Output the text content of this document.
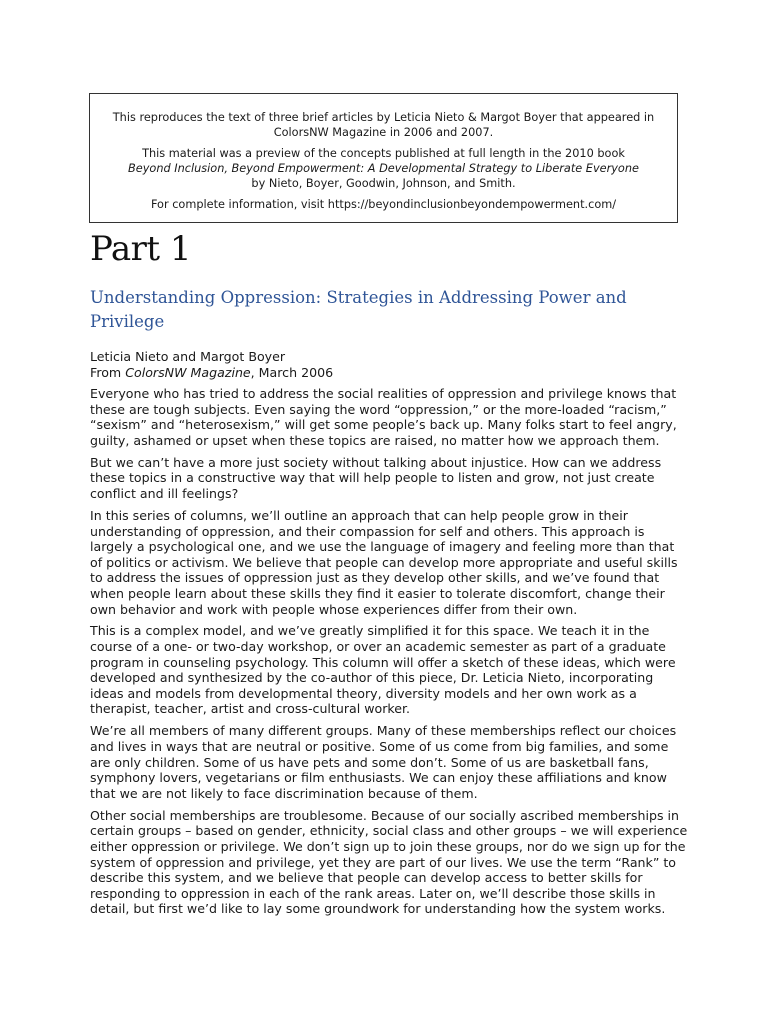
This reproduces the text of three brief articles by Leticia Nieto & Margot Boyer that appeared in
ColorsNW Magazine in 2006 and 2007.

This material was a preview of the concepts published at full length in the 2010 book
Beyond Inclusion, Beyond Empowerment: A Developmental Strategy to Liberate Everyone
by Nieto, Boyer, Goodwin, Johnson, and Smith.

For complete information, visit https://beyondinclusionbeyondempowerment.com/

Part 1
Understanding Oppression: Strategies in Addressing Power and Privilege
Leticia Nieto and Margot Boyer
From ColorsNW Magazine, March 2006

Everyone who has tried to address the social realities of oppression and privilege knows that these are tough subjects. Even saying the word “oppression,” or the more-loaded “racism,” “sexism” and “heterosexism,” will get some people’s back up. Many folks start to feel angry, guilty, ashamed or upset when these topics are raised, no matter how we approach them.

But we can’t have a more just society without talking about injustice. How can we address these topics in a constructive way that will help people to listen and grow, not just create conflict and ill feelings?

In this series of columns, we’ll outline an approach that can help people grow in their understanding of oppression, and their compassion for self and others. This approach is largely a psychological one, and we use the language of imagery and feeling more than that of politics or activism. We believe that people can develop more appropriate and useful skills to address the issues of oppression just as they develop other skills, and we’ve found that when people learn about these skills they find it easier to tolerate discomfort, change their own behavior and work with people whose experiences differ from their own.

This is a complex model, and we’ve greatly simplified it for this space. We teach it in the course of a one- or two-day workshop, or over an academic semester as part of a graduate program in counseling psychology. This column will offer a sketch of these ideas, which were developed and synthesized by the co-author of this piece, Dr. Leticia Nieto, incorporating ideas and models from developmental theory, diversity models and her own work as a therapist, teacher, artist and cross-cultural worker.

We’re all members of many different groups. Many of these memberships reflect our choices and lives in ways that are neutral or positive. Some of us come from big families, and some are only children. Some of us have pets and some don’t. Some of us are basketball fans, symphony lovers, vegetarians or film enthusiasts. We can enjoy these affiliations and know that we are not likely to face discrimination because of them.

Other social memberships are troublesome. Because of our socially ascribed memberships in certain groups – based on gender, ethnicity, social class and other groups – we will experience either oppression or privilege. We don’t sign up to join these groups, nor do we sign up for the system of oppression and privilege, yet they are part of our lives. We use the term “Rank” to describe this system, and we believe that people can develop access to better skills for responding to oppression in each of the rank areas. Later on, we’ll describe those skills in detail, but first we’d like to lay some groundwork for understanding how the system works.
